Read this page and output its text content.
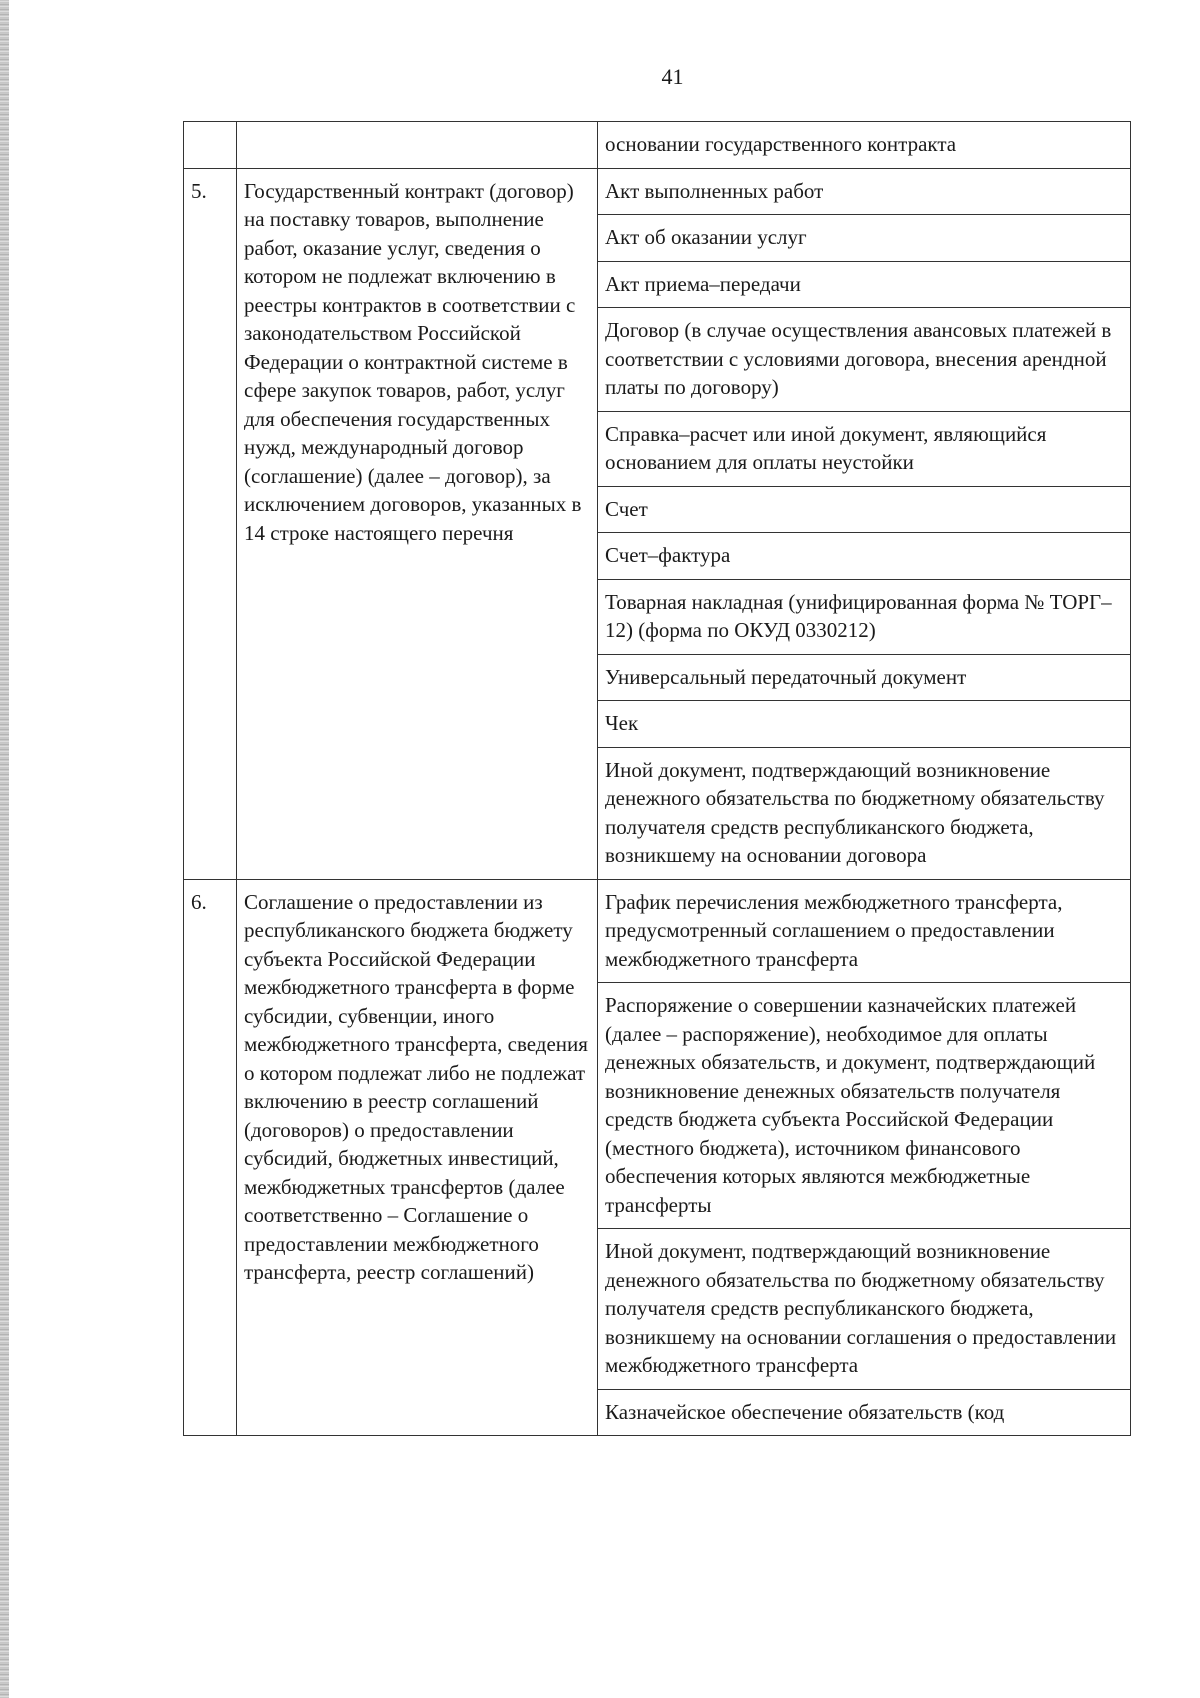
41
		основании государственного контракта
5.	Государственный контракт (договор) на поставку товаров, выполнение работ, оказание услуг, сведения о котором не подлежат включению в реестры контрактов в соответствии с законодательством Российской Федерации о контрактной системе в сфере закупок товаров, работ, услуг для обеспечения государственных нужд, международный договор (соглашение) (далее – договор), за исключением договоров, указанных в 14 строке настоящего перечня	Акт выполненных работ
		Акт об оказании услуг
		Акт приема–передачи
		Договор (в случае осуществления авансовых платежей в соответствии с условиями договора, внесения арендной платы по договору)
		Справка–расчет или иной документ, являющийся основанием для оплаты неустойки
		Счет
		Счет–фактура
		Товарная накладная (унифицированная форма № ТОРГ–12) (форма по ОКУД 0330212)
		Универсальный передаточный документ
		Чек
		Иной документ, подтверждающий возникновение денежного обязательства по бюджетному обязательству получателя средств республиканского бюджета, возникшему на основании договора
6.	Соглашение о предоставлении из республиканского бюджета бюджету субъекта Российской Федерации межбюджетного трансферта в форме субсидии, субвенции, иного межбюджетного трансферта, сведения о котором подлежат либо не подлежат включению в реестр соглашений (договоров) о предоставлении субсидий, бюджетных инвестиций, межбюджетных трансфертов (далее соответственно – Соглашение о предоставлении межбюджетного трансферта, реестр соглашений)	График перечисления межбюджетного трансферта, предусмотренный соглашением о предоставлении межбюджетного трансферта
		Распоряжение о совершении казначейских платежей (далее – распоряжение), необходимое для оплаты денежных обязательств, и документ, подтверждающий возникновение денежных обязательств получателя средств бюджета субъекта Российской Федерации (местного бюджета), источником финансового обеспечения которых являются межбюджетные трансферты
		Иной документ, подтверждающий возникновение денежного обязательства по бюджетному обязательству получателя средств республиканского бюджета, возникшему на основании соглашения о предоставлении межбюджетного трансферта
		Казначейское обеспечение обязательств (код
